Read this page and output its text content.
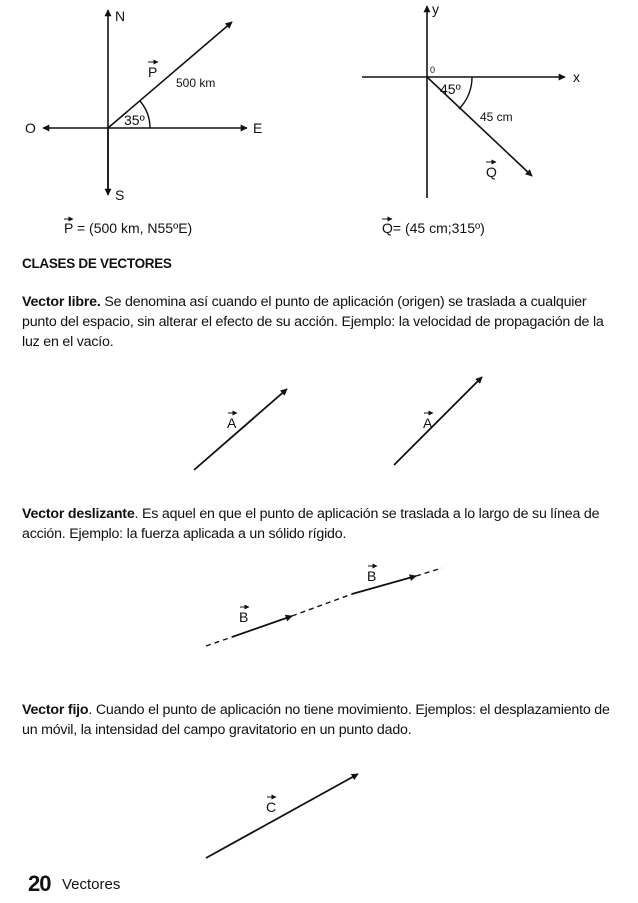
N
S
O	E
P
500 km
35º
y
x
0
45º
45 cm
Q
P = (500 km, N55ºE)	Q= (45 cm;315º)
A	A
B
B
C
CLASES DE VECTORES

Vector libre. Se denomina así cuando el punto de aplicación (origen) se traslada a cualquier punto del espacio, sin alterar el efecto de su acción. Ejemplo: la velocidad de propagación de la luz en el vacío.

Vector deslizante. Es aquel en que el punto de aplicación se traslada a lo largo de su línea de acción. Ejemplo: la fuerza aplicada a un sólido rígido.

Vector fijo. Cuando el punto de aplicación no tiene movimiento. Ejemplos: el desplazamiento de un móvil, la intensidad del campo gravitatorio en un punto dado.

20 Vectores
